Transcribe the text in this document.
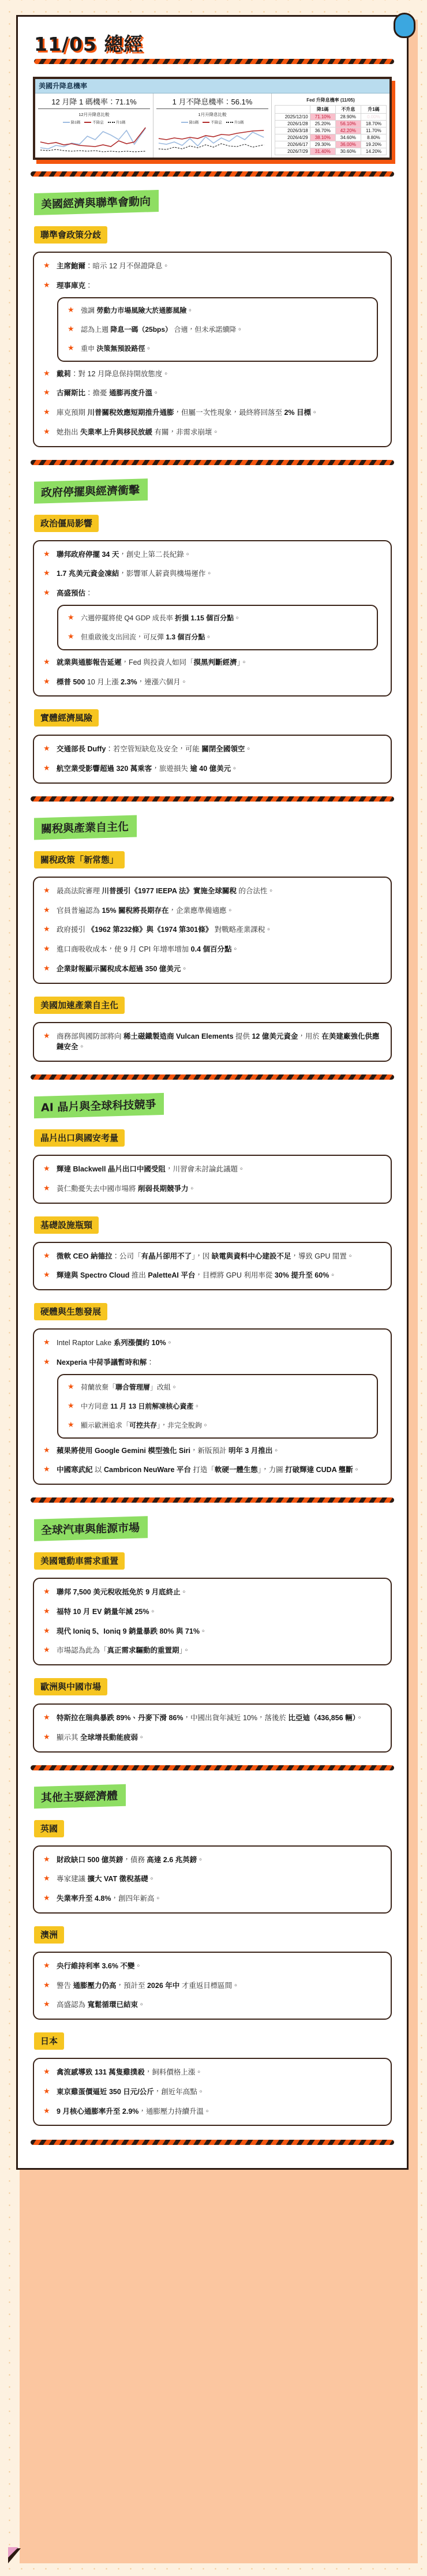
11/05 總經
美國升降息機率
12 月降 1 碼機率：71.1%
12月升降息比較
降1碼	不降息	升1碼
1 月不降息機率：56.1%
1月升降息比較
降1碼	不降息	升1碼
Fed 升降息機率 (11/05)
	降1碼	不升息	升1碼
2025/12/10	71.10%	28.90%	0.00%
2026/1/28	25.20%	56.10%	18.70%
2026/3/18	36.70%	42.20%	11.70%
2026/4/29	38.10%	34.60%	8.80%
2026/6/17	29.30%	36.00%	19.20%
2026/7/29	31.40%	30.60%	14.20%
美國經濟與聯準會動向
聯準會政策分歧

★ 主席鮑爾：暗示 12 月不保證降息。
★ 理事庫克：
★ 強調 勞動力市場風險大於通膨風險。
★ 認為上週 降息一碼（25bps） 合適，但未承諾續降。
★ 重申 決策無預設路徑。
★ 戴莉：對 12 月降息保持開放態度。
★ 古爾斯比：擔憂 通膨再度升溫。
★ 庫克預期 川普關稅效應短期推升通膨，但屬一次性現象，最終將回落至 2% 目標。
★ 她指出 失業率上升與移民放緩 有關，非需求崩壞。
政府停擺與經濟衝擊
政治僵局影響

★ 聯邦政府停擺 34 天，創史上第二長紀錄。
★ 1.7 兆美元資金凍結，影響軍人薪資與機場運作。
★ 高盛預估：
★ 六週停擺將使 Q4 GDP 成長率 折損 1.15 個百分點。
★ 但重啟後支出回流，可反彈 1.3 個百分點。
★ 就業與通膨報告延遲，Fed 與投資人如同「摸黑判斷經濟」。
★ 標普 500 10 月上漲 2.3%，連漲六個月。
實體經濟風險

★ 交通部長 Duffy：若空管短缺危及安全，可能 關閉全國領空。
★ 航空業受影響超過 320 萬乘客，旅遊損失 逾 40 億美元。
關稅與產業自主化
關稅政策「新常態」

★ 最高法院審理 川普援引《1977 IEEPA 法》實施全球關稅 的合法性。
★ 官員普遍認為 15% 關稅將長期存在，企業應準備適應。
★ 政府援引 《1962 第232條》與《1974 第301條》 對戰略產業課稅。
★ 進口商吸收成本，使 9 月 CPI 年增率增加 0.4 個百分點。
★ 企業財報顯示關稅成本超過 350 億美元。
美國加速產業自主化

★ 商務部與國防部將向 稀土磁鐵製造商 Vulcan Elements 提供 12 億美元資金，用於 在美建廠強化供應鏈安全。
AI 晶片與全球科技競爭
晶片出口與國安考量

★ 輝達 Blackwell 晶片出口中國受阻，川習會未討論此議題。
★ 黃仁勳憂失去中國市場將 削弱長期競爭力。
基礎設施瓶頸

★ 微軟 CEO 納德拉：公司「有晶片卻用不了」，因 缺電與資料中心建設不足，導致 GPU 閒置。
★ 輝達與 Spectro Cloud 推出 PaletteAI 平台，目標將 GPU 利用率從 30% 提升至 60%。
硬體與生態發展

★ Intel Raptor Lake 系列漲價約 10%。
★ Nexperia 中荷爭議暫時和解：
★ 荷蘭放棄「聯合管理層」改組。
★ 中方同意 11 月 13 日前解凍核心資產。
★ 顯示歐洲追求「可控共存」，非完全脫鉤。
★ 蘋果將使用 Google Gemini 模型強化 Siri，新版預計 明年 3 月推出。
★ 中國寒武紀 以 Cambricon NeuWare 平台 打造「軟硬一體生態」，力圖 打破輝達 CUDA 壟斷。
全球汽車與能源市場
美國電動車需求重置

★ 聯邦 7,500 美元稅收抵免於 9 月底終止。
★ 福特 10 月 EV 銷量年減 25%。
★ 現代 Ioniq 5、Ioniq 9 銷量暴跌 80% 與 71%。
★ 市場認為此為「真正需求驅動的重置期」。
歐洲與中國市場

★ 特斯拉在瑞典暴跌 89%、丹麥下滑 86%，中國出貨年減近 10%，落後於 比亞迪（436,856 輛）。
★ 顯示其 全球增長動能疲弱。
其他主要經濟體
英國

★ 財政缺口 500 億英鎊，債務 高達 2.6 兆英鎊。
★ 專家建議 擴大 VAT 徵稅基礎。
★ 失業率升至 4.8%，創四年新高。
澳洲

★ 央行維持利率 3.6% 不變。
★ 警告 通膨壓力仍高，預計至 2026 年中 才重返目標區間。
★ 高盛認為 寬鬆循環已結束。
日本

★ 禽流感導致 131 萬隻雞撲殺，飼料價格上漲。
★ 東京雞蛋價逼近 350 日元/公斤，創近年高點。
★ 9 月核心通膨率升至 2.9%，通膨壓力持續升溫。
